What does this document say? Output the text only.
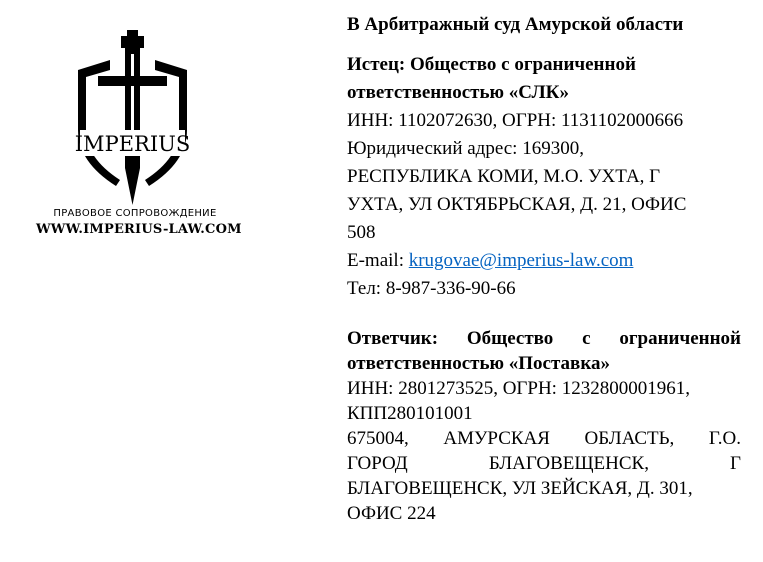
IMPERIUS
ПРАВОВОЕ СОПРОВОЖДЕНИЕ
WWW.IMPERIUS-LAW.COM
В Арбитражный суд Амурской области
Истец: Общество с ограниченной
ответственностью «СЛК»
ИНН: 1102072630, ОГРН: 1131102000666
Юридический адрес: 169300,
РЕСПУБЛИКА КОМИ, М.О. УХТА, Г
УХТА, УЛ ОКТЯБРЬСКАЯ, Д. 21, ОФИС
508
E-mail: krugovae@imperius-law.com
Тел: 8-987-336-90-66
Ответчик: Общество с ограниченной
ответственностью «Поставка»
ИНН: 2801273525, ОГРН: 1232800001961,
КПП280101001
675004, АМУРСКАЯ ОБЛАСТЬ, Г.О.
ГОРОД	БЛАГОВЕЩЕНСК,	Г
БЛАГОВЕЩЕНСК, УЛ ЗЕЙСКАЯ, Д. 301,
ОФИС 224
